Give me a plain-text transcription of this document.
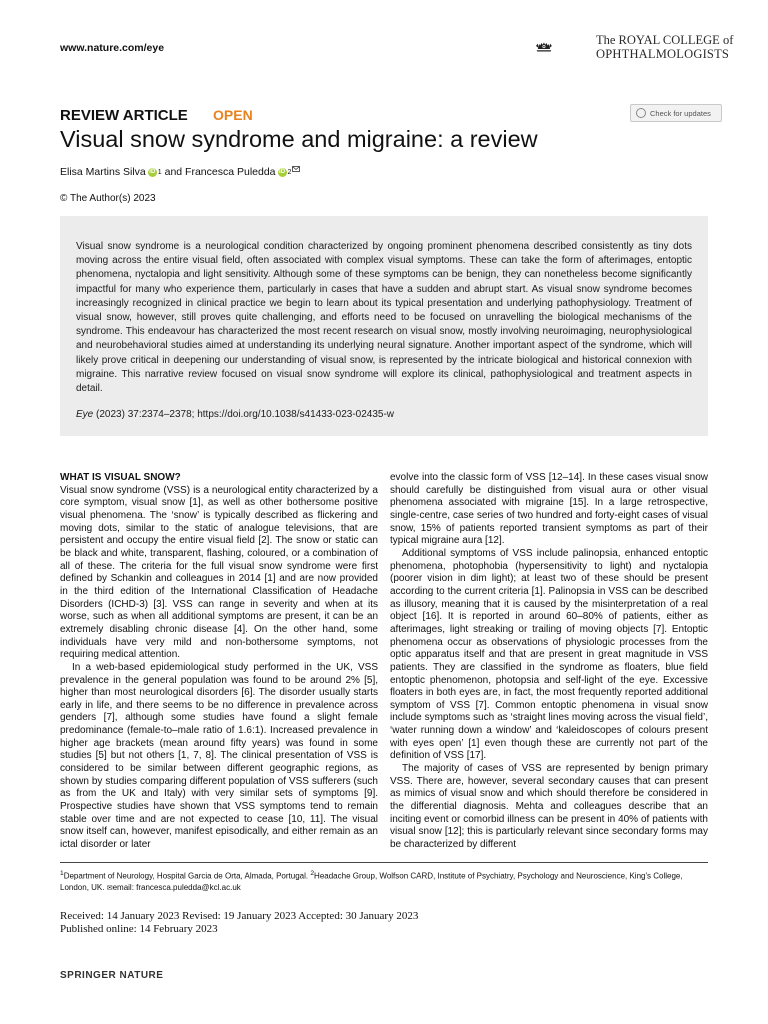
www.nature.com/eye
The ROYAL COLLEGE of
OPHTHALMOLOGISTS
REVIEW ARTICLE OPEN	Check for updates
Visual snow syndrome and migraine: a review
Elisa Martins Silva iD 1 and Francesca Puledda iD 2
© The Author(s) 2023

Visual snow syndrome is a neurological condition characterized by ongoing prominent phenomena described consistently as tiny dots moving across the entire visual field, often associated with complex visual symptoms. These can take the form of afterimages, entoptic phenomena, nyctalopia and light sensitivity. Although some of these symptoms can be benign, they can nonetheless become significantly impactful for many who experience them, particularly in cases that have a sudden and abrupt start. As visual snow syndrome becomes increasingly recognized in clinical practice we begin to learn about its typical presentation and underlying pathophysiology. Treatment of visual snow, however, still proves quite challenging, and efforts need to be focused on unravelling the biological mechanisms of the syndrome. This endeavour has characterized the most recent research on visual snow, mostly involving neuroimaging, neurophysiological and neurobehavioral studies aimed at understanding its underlying neural signature. Another important aspect of the syndrome, which will likely prove critical in deepening our understanding of visual snow, is represented by the intricate biological and historical connexion with migraine. This narrative review focused on visual snow syndrome will explore its clinical, pathophysiological and treatment aspects in detail.

Eye (2023) 37:2374–2378; https://doi.org/10.1038/s41433-023-02435-w

WHAT IS VISUAL SNOW?

Visual snow syndrome (VSS) is a neurological entity characterized by a core symptom, visual snow [1], as well as other bothersome positive visual phenomena. The ‘snow’ is typically described as flickering and moving dots, similar to the static of analogue televisions, that are persistent and occupy the entire visual field [2]. The snow or static can be black and white, transparent, flashing, coloured, or a combination of all of these. The criteria for the full visual snow syndrome were first defined by Schankin and colleagues in 2014 [1] and are now provided in the third edition of the International Classification of Headache Disorders (ICHD-3) [3]. VSS can range in severity and when at its worse, such as when all additional symptoms are present, it can be an extremely disabling chronic disease [4]. On the other hand, some individuals have very mild and non-bothersome symptoms, not requiring medical attention.

In a web-based epidemiological study performed in the UK, VSS prevalence in the general population was found to be around 2% [5], higher than most neurological disorders [6]. The disorder usually starts early in life, and there seems to be no difference in prevalence across genders [7], although some studies have found a slight female predominance (female-to–male ratio of 1.6:1). Increased prevalence in higher age brackets (mean around fifty years) was found in some studies [5] but not others [1, 7, 8]. The clinical presentation of VSS is considered to be similar between different geographic regions, as shown by studies comparing different population of VSS sufferers (such as from the UK and Italy) with very similar sets of symptoms [9]. Prospective studies have shown that VSS symptoms tend to remain stable over time and are not expected to cease [10, 11]. The visual snow itself can, however, manifest episodically, and either remain as an ictal disorder or later

evolve into the classic form of VSS [12–14]. In these cases visual snow should carefully be distinguished from visual aura or other visual phenomena associated with migraine [15]. In a large retrospective, single-centre, case series of two hundred and forty-eight cases of visual snow, 15% of patients reported transient symptoms as part of their typical migraine aura [12].

Additional symptoms of VSS include palinopsia, enhanced entoptic phenomena, photophobia (hypersensitivity to light) and nyctalopia (poorer vision in dim light); at least two of these should be present according to the current criteria [1]. Palinopsia in VSS can be described as illusory, meaning that it is caused by the misinterpretation of a real object [16]. It is reported in around 60–80% of patients, either as afterimages, light streaking or trailing of moving objects [7]. Entoptic phenomena occur as observations of physiologic processes from the optic apparatus itself and that are present in great magnitude in VSS patients. They are classified in the syndrome as floaters, blue field entoptic phenomenon, photopsia and self-light of the eye. Excessive floaters in both eyes are, in fact, the most frequently reported additional symptom of VSS [7]. Common entoptic phenomena in visual snow include symptoms such as ‘straight lines moving across the visual field’, ‘water running down a window’ and ‘kaleidoscopes of colours present with eyes open’ [1] even though these are currently not part of the definition of VSS [17].

The majority of cases of VSS are represented by benign primary VSS. There are, however, several secondary causes that can present as mimics of visual snow and which should therefore be considered in the differential diagnosis. Mehta and colleagues describe that an inciting event or comorbid illness can be present in 40% of patients with visual snow [12]; this is particularly relevant since secondary forms may be characterized by different

$^1$Department of Neurology, Hospital Garcia de Orta, Almada, Portugal. $^2$Headache Group, Wolfson CARD, Institute of Psychiatry, Psychology and Neuroscience, King's College, London, UK. ✉email: francesca.puledda@kcl.ac.uk
Received: 14 January 2023 Revised: 19 January 2023 Accepted: 30 January 2023
Published online: 14 February 2023
SPRINGER NATURE
